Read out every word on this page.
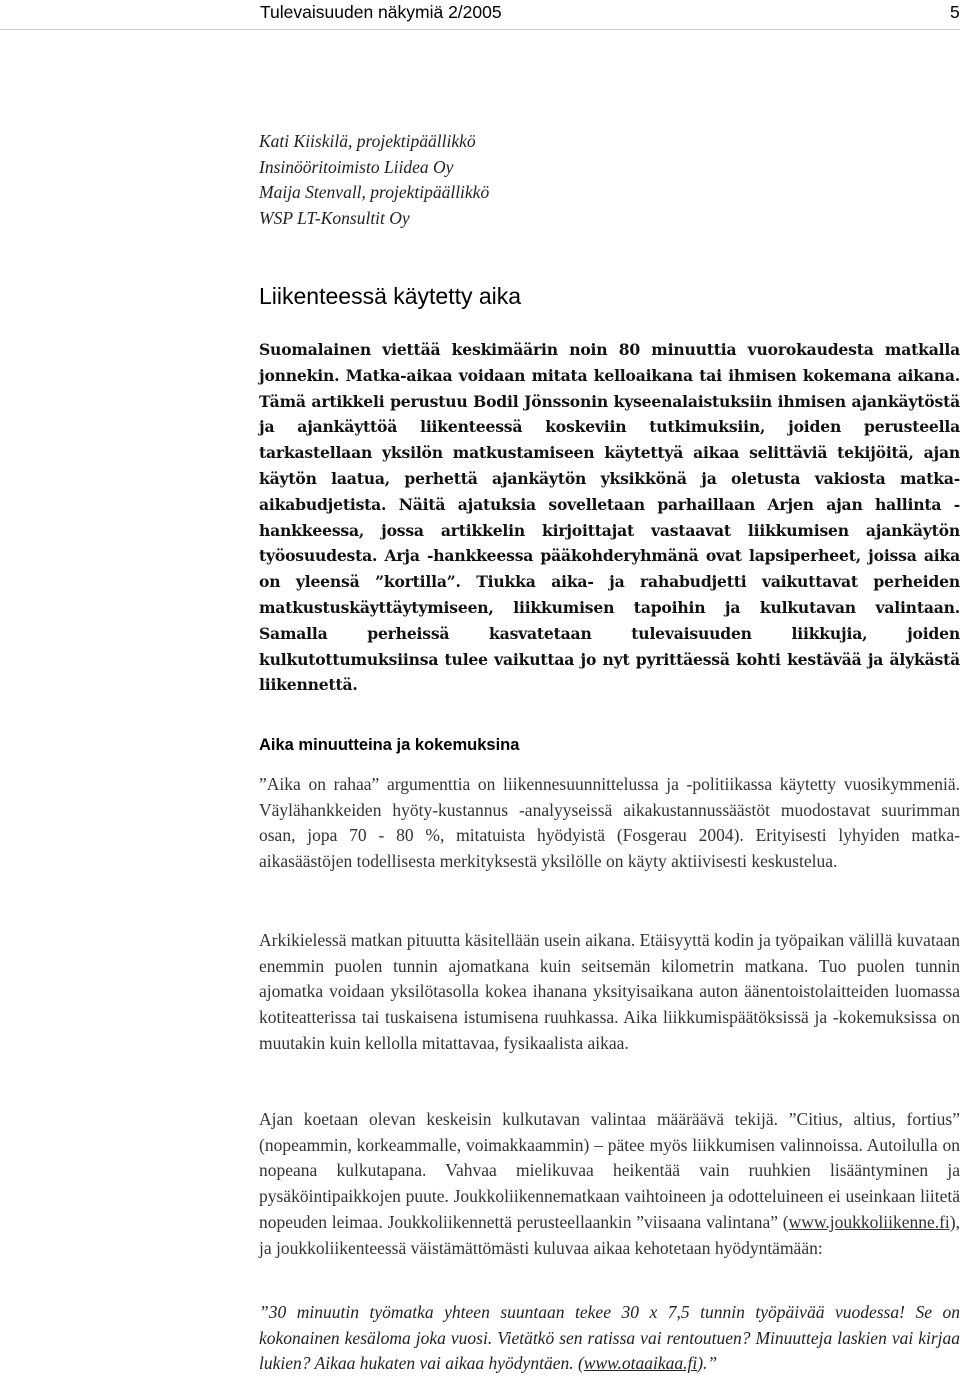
Tulevaisuuden näkymiä 2/2005	5
Kati Kiiskilä, projektipäällikkö
Insinööritoimisto Liidea Oy
Maija Stenvall, projektipäällikkö
WSP LT-Konsultit Oy
Liikenteessä käytetty aika

Suomalainen viettää keskimäärin noin 80 minuuttia vuorokaudesta matkalla jonnekin. Matka-aikaa voidaan mitata kelloaikana tai ihmisen kokemana aikana. Tämä artikkeli perustuu Bodil Jönssonin kyseenalaistuksiin ihmisen ajankäytöstä ja ajankäyttöä liikenteessä koskeviin tutkimuksiin, joiden perusteella tarkastellaan yksilön matkustamiseen käytettyä aikaa selittäviä tekijöitä, ajan käytön laatua, perhettä ajankäytön yksikkönä ja oletusta vakiosta matka-aikabudjetista. Näitä ajatuksia sovelletaan parhaillaan Arjen ajan hallinta -hankkeessa, jossa artikkelin kirjoittajat vastaavat liikkumisen ajankäytön työosuudesta. Arja -hankkeessa pääkohderyhmänä ovat lapsiperheet, joissa aika on yleensä ”kortilla”. Tiukka aika- ja rahabudjetti vaikuttavat perheiden matkustuskäyttäytymiseen, liikkumisen tapoihin ja kulkutavan valintaan. Samalla perheissä kasvatetaan tulevaisuuden liikkujia, joiden kulkutottumuksiinsa tulee vaikuttaa jo nyt pyrittäessä kohti kestävää ja älykästä liikennettä.

Aika minuutteina ja kokemuksina

”Aika on rahaa” argumenttia on liikennesuunnittelussa ja -politiikassa käytetty vuosikymmeniä. Väylähankkeiden hyöty-kustannus -analyyseissä aikakustannussäästöt muodostavat suurimman osan, jopa 70 - 80 %, mitatuista hyödyistä (Fosgerau 2004). Erityisesti lyhyiden matka-aikasäästöjen todellisesta merkityksestä yksilölle on käyty aktiivisesti keskustelua.

Arkikielessä matkan pituutta käsitellään usein aikana. Etäisyyttä kodin ja työpaikan välillä kuvataan enemmin puolen tunnin ajomatkana kuin seitsemän kilometrin matkana. Tuo puolen tunnin ajomatka voidaan yksilötasolla kokea ihanana yksityisaikana auton äänentoistolaitteiden luomassa kotiteatterissa tai tuskaisena istumisena ruuhkassa. Aika liikkumispäätöksissä ja -kokemuksissa on muutakin kuin kellolla mitattavaa, fysikaalista aikaa.

Ajan koetaan olevan keskeisin kulkutavan valintaa määräävä tekijä. ”Citius, altius, fortius” (nopeammin, korkeammalle, voimakkaammin) – pätee myös liikkumisen valinnoissa. Autoilulla on nopeana kulkutapana. Vahvaa mielikuvaa heikentää vain ruuhkien lisääntyminen ja pysäköintipaikkojen puute. Joukkoliikennematkaan vaihtoineen ja odotteluineen ei useinkaan liitetä nopeuden leimaa. Joukkoliikennettä perusteellaankin ”viisaana valintana” (www.joukkoliikenne.fi), ja joukkoliikenteessä väistämättömästi kuluvaa aikaa kehotetaan hyödyntämään:

”30 minuutin työmatka yhteen suuntaan tekee 30 x 7,5 tunnin työpäivää vuodessa! Se on kokonainen kesäloma joka vuosi. Vietätkö sen ratissa vai rentoutuen? Minuutteja laskien vai kirjaa lukien? Aikaa hukaten vai aikaa hyödyntäen. (www.otaaikaa.fi).”
